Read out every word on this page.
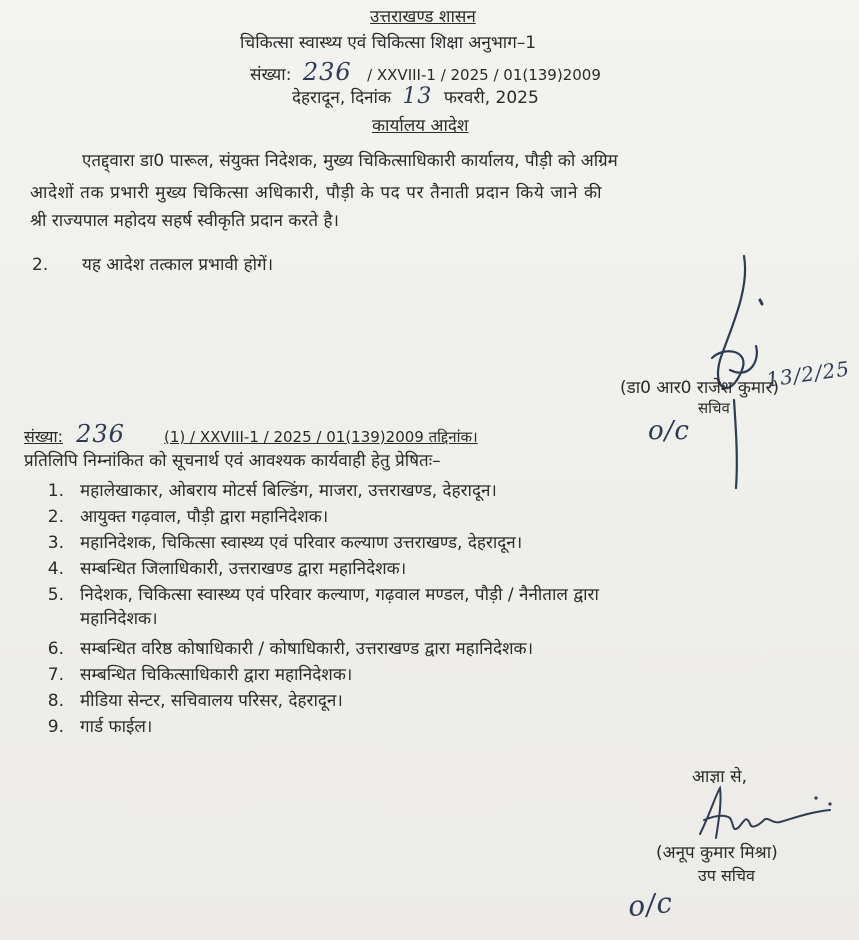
उत्तराखण्ड शासन
चिकित्सा स्वास्थ्य एवं चिकित्सा शिक्षा अनुभाग–1
संख्या: 236 / XXVIII-1 / 2025 / 01(139)2009
देहरादून, दिनांक 13 फरवरी, 2025
कार्यालय आदेश
एतद्द्वारा डा0 पारूल, संयुक्त निदेशक, मुख्य चिकित्साधिकारी कार्यालय, पौड़ी को अग्रिम
आदेशों तक प्रभारी मुख्य चिकित्सा अधिकारी, पौड़ी के पद पर तैनाती प्रदान किये जाने की
श्री राज्यपाल महोदय सहर्ष स्वीकृति प्रदान करते है।
2. यह आदेश तत्काल प्रभावी होगें।
(डा0 आर0 राजेश कुमार)
सचिव
13/2/25
o/c
संख्या: 236	(1) / XXVIII-1 / 2025 / 01(139)2009 तद्दिनांक।
प्रतिलिपि निम्नांकित को सूचनार्थ एवं आवश्यक कार्यवाही हेतु प्रेषितः–
1. महालेखाकार, ओबराय मोटर्स बिल्डिंग, माजरा, उत्तराखण्ड, देहरादून।
2. आयुक्त गढ़वाल, पौड़ी द्वारा महानिदेशक।
3. महानिदेशक, चिकित्सा स्वास्थ्य एवं परिवार कल्याण उत्तराखण्ड, देहरादून।
4. सम्बन्धित जिलाधिकारी, उत्तराखण्ड द्वारा महानिदेशक।
5. निदेशक, चिकित्सा स्वास्थ्य एवं परिवार कल्याण, गढ़वाल मण्डल, पौड़ी / नैनीताल द्वारा
महानिदेशक।
6. सम्बन्धित वरिष्ठ कोषाधिकारी / कोषाधिकारी, उत्तराखण्ड द्वारा महानिदेशक।
7. सम्बन्धित चिकित्साधिकारी द्वारा महानिदेशक।
8. मीडिया सेन्टर, सचिवालय परिसर, देहरादून।
9. गार्ड फाईल।
आज्ञा से,
(अनूप कुमार मिश्रा)
उप सचिव
o/c
